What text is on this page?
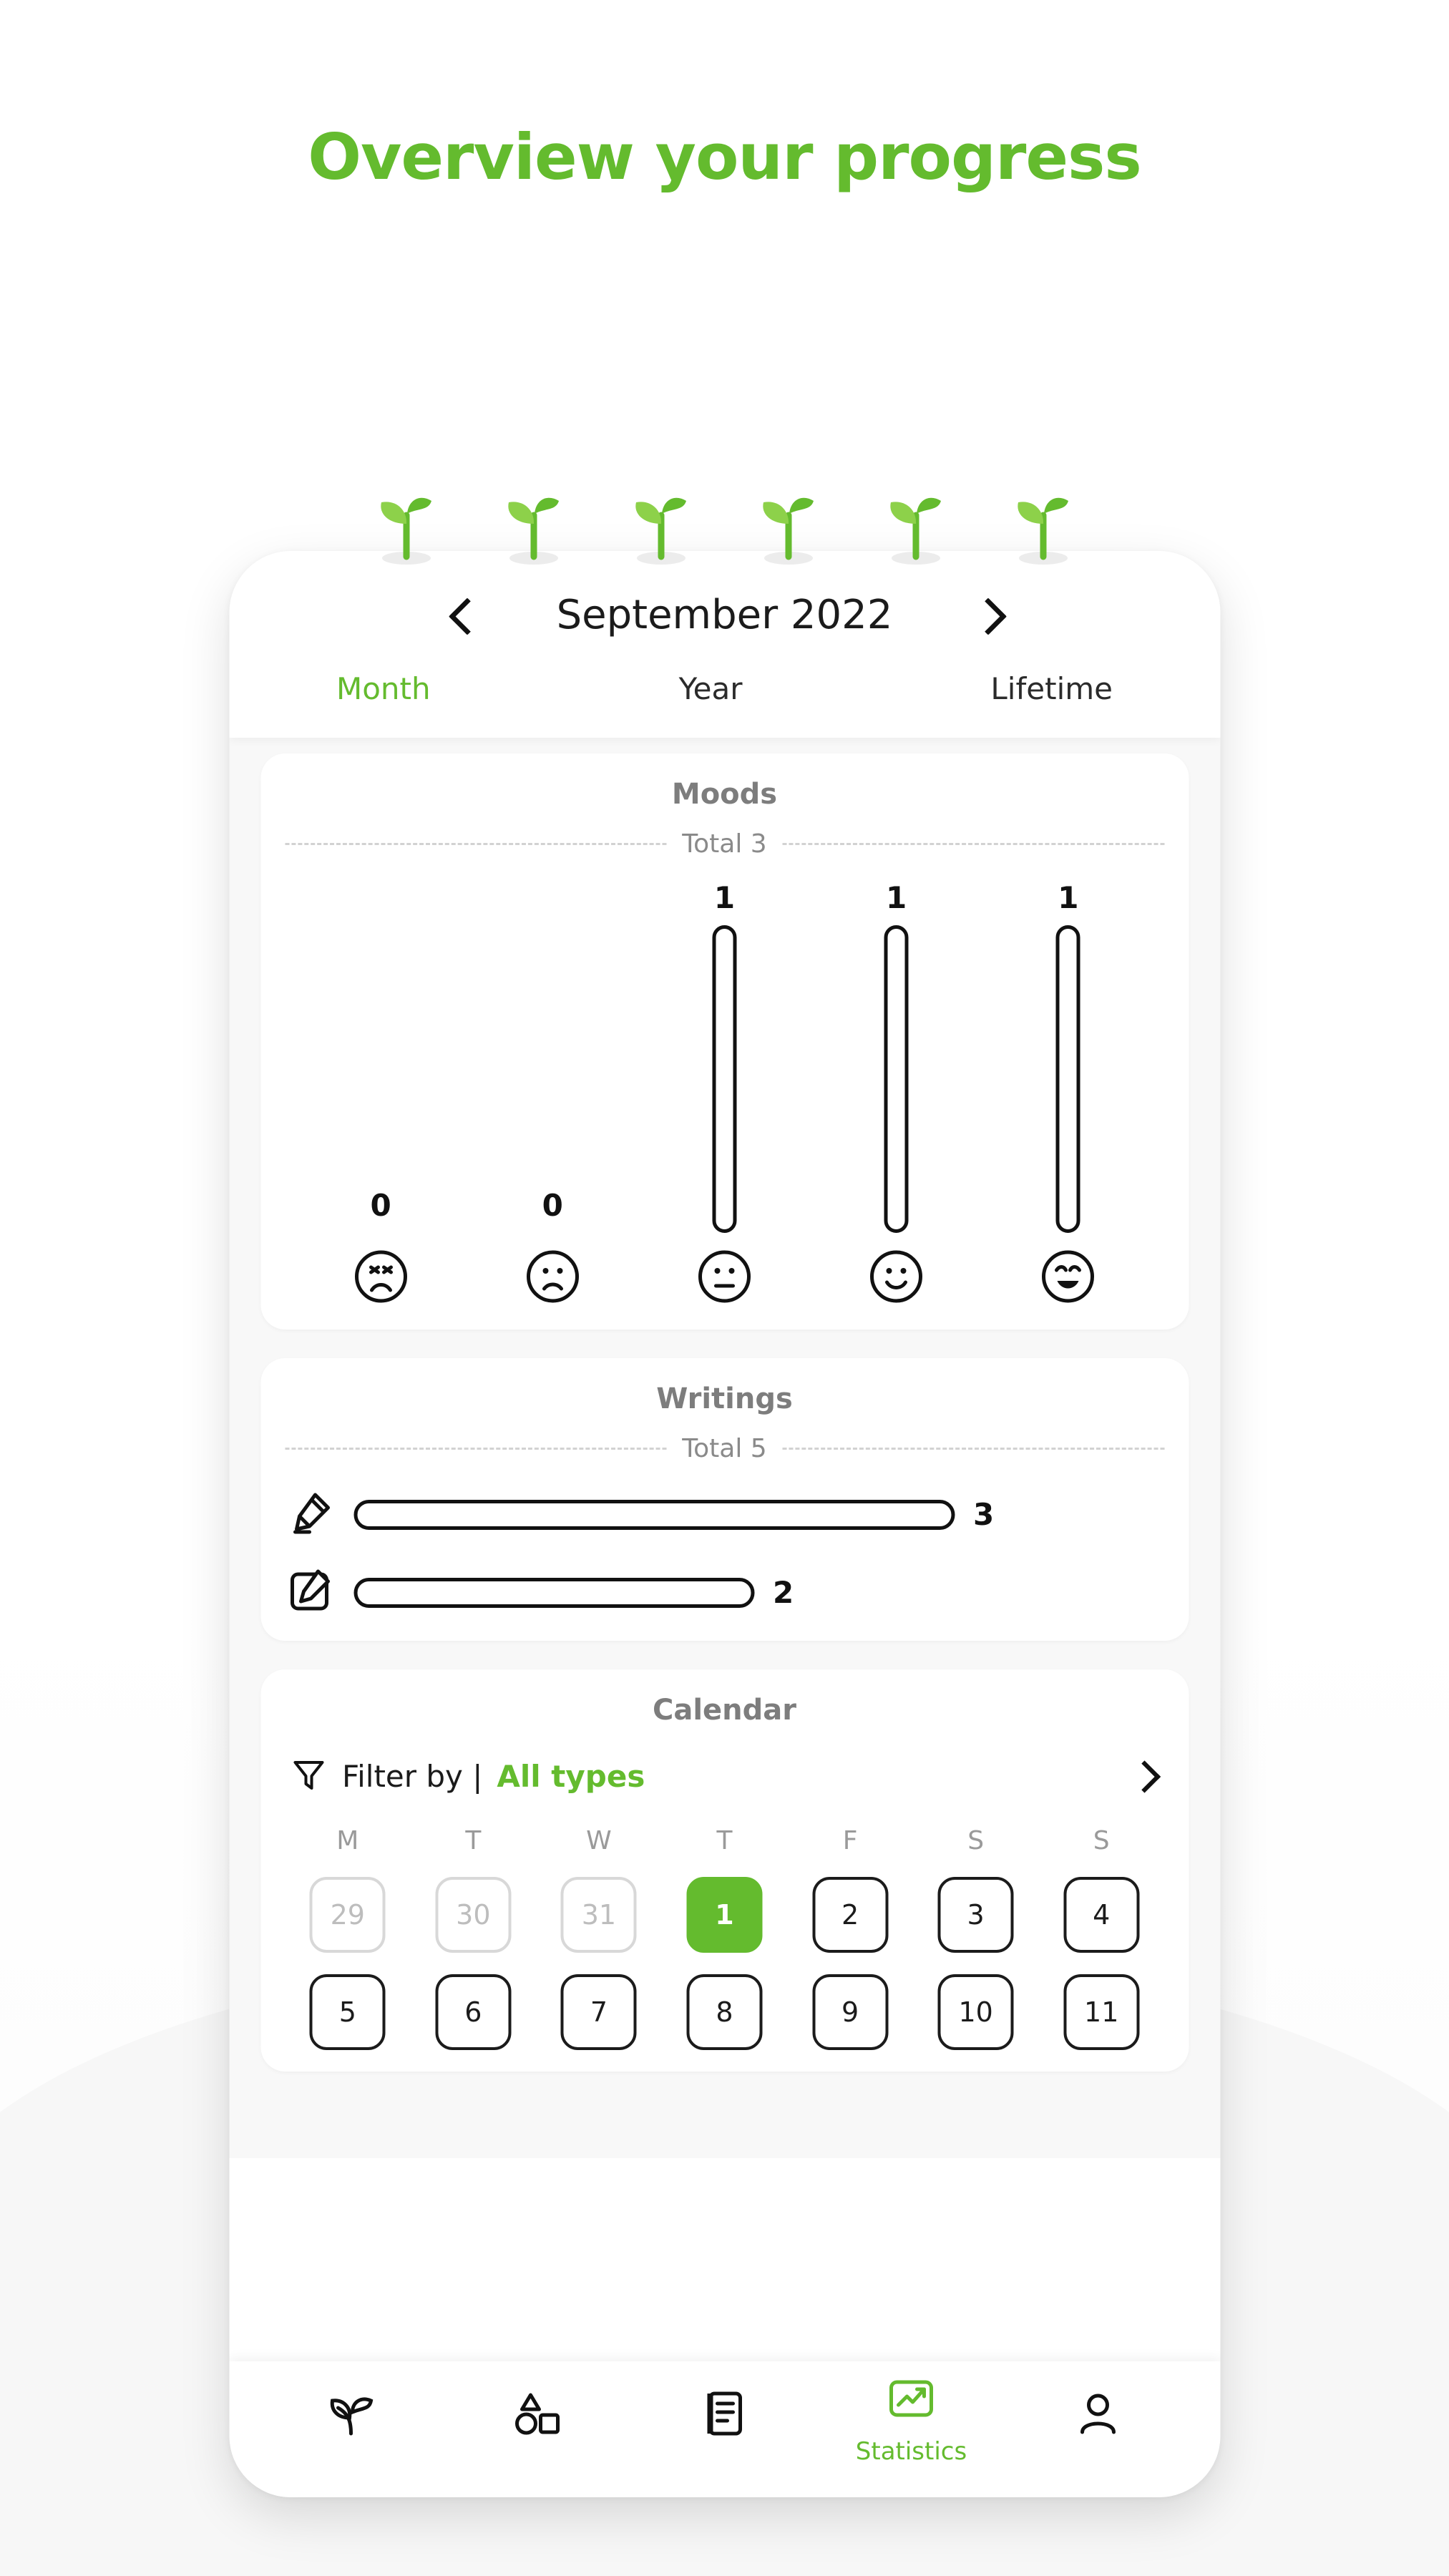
Overview your progress
September 2022
Month	Year	Lifetime
Moods
Total 3
0	0
1	1	1
Writings
Total 5
3
2
Calendar
Filter by | All types
M	T	W	T	F	S	S
29	30	31	1	2	3	4
5	6	7	8	9	10	11
Statistics
